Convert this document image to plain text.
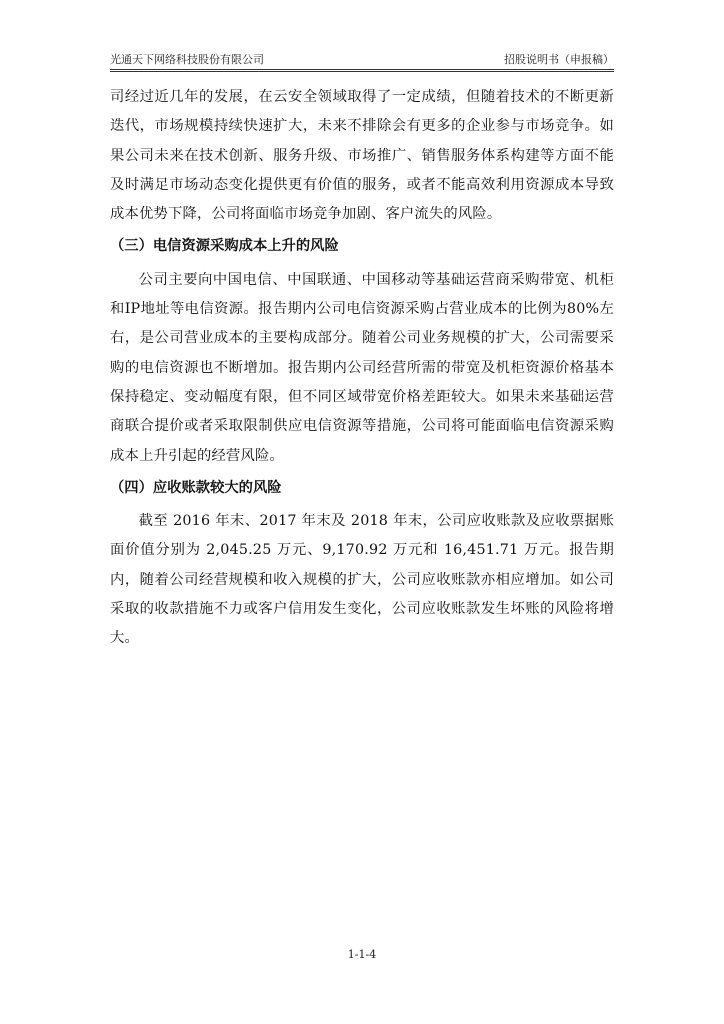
光通天下网络科技股份有限公司	招股说明书（申报稿）

司经过近几年的发展，在云安全领域取得了一定成绩，但随着技术的不断更新迭代，市场规模持续快速扩大，未来不排除会有更多的企业参与市场竞争。如果公司未来在技术创新、服务升级、市场推广、销售服务体系构建等方面不能及时满足市场动态变化提供更有价值的服务，或者不能高效利用资源成本导致成本优势下降，公司将面临市场竞争加剧、客户流失的风险。

（三）电信资源采购成本上升的风险

公司主要向中国电信、中国联通、中国移动等基础运营商采购带宽、机柜和IP地址等电信资源。报告期内公司电信资源采购占营业成本的比例为80%左右，是公司营业成本的主要构成部分。随着公司业务规模的扩大，公司需要采购的电信资源也不断增加。报告期内公司经营所需的带宽及机柜资源价格基本保持稳定、变动幅度有限，但不同区域带宽价格差距较大。如果未来基础运营商联合提价或者采取限制供应电信资源等措施，公司将可能面临电信资源采购成本上升引起的经营风险。

（四）应收账款较大的风险

截至 2016 年末、2017 年末及 2018 年末，公司应收账款及应收票据账面价值分别为 2,045.25 万元、9,170.92 万元和 16,451.71 万元。报告期内，随着公司经营规模和收入规模的扩大，公司应收账款亦相应增加。如公司采取的收款措施不力或客户信用发生变化，公司应收账款发生坏账的风险将增大。

1-1-4
